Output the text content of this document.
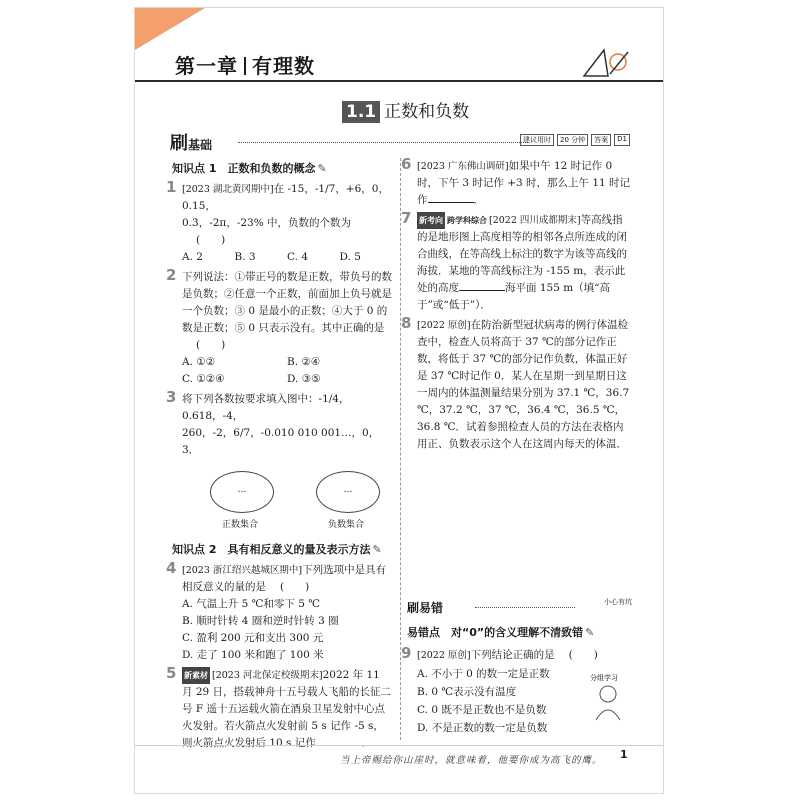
第一章 有理数
1.1 正数和负数
刷基础	建议用时	20 分钟	答案	D1
知识点 1　正数和负数的概念 ✎
1 [2023 湖北黄冈期中]在 -15，-1/7，+6，0，0.15，
0.3̇，-2π，-23% 中，负数的个数为(　　)
A. 2	B. 3	C. 4	D. 5
2 下列说法：①带正号的数是正数，带负号的数是负数；②任意一个正数，前面加上负号就是一个负数；③ 0 是最小的正数；④大于 0 的数是正数；⑤ 0 只表示没有。其中正确的是(　　)
A. ①②	B. ②④
C. ①②④	D. ③⑤
3 将下列各数按要求填入图中：-1/4，0.618，-4，
260，-2，6/7，-0.010 010 001…，0，3̇．
…	…
正数集合	负数集合
知识点 2　具有相反意义的量及表示方法 ✎
4 [2023 浙江绍兴越城区期中]下列选项中是具有相反意义的量的是 (　　)
A. 气温上升 5 ℃和零下 5 ℃
B. 顺时针转 4 圈和逆时针转 3 圈
C. 盈利 200 元和支出 300 元
D. 走了 100 米和跑了 100 米
5 新素材 [2023 河北保定校级期末]2022 年 11 月 29 日，搭载神舟十五号载人飞船的长征二号 F 遥十五运载火箭在酒泉卫星发射中心点火发射。若火箭点火发射前 5 s 记作 -5 s，则火箭点火发射后 10 s 记作	．
6 [2023 广东佛山调研]如果中午 12 时记作 0 时，下午 3 时记作 +3 时，那么上午 11 时记作	．
7 新考向 跨学科综合 [2022 四川成都期末]等高线指的是地形图上高度相等的相邻各点所连成的闭合曲线，在等高线上标注的数字为该等高线的海拔．某地的等高线标注为 -155 m，表示此处的高度	海平面 155 m（填“高于”或“低于”）．
8 [2022 原创]在防治新型冠状病毒的例行体温检查中，检查人员将高于 37 ℃的部分记作正数，将低于 37 ℃的部分记作负数，体温正好是 37 ℃时记作 0．某人在星期一到星期日这一周内的体温测量结果分别为 37.1 ℃，36.7 ℃，37.2 ℃，37 ℃，36.4 ℃，36.5 ℃，36.8 ℃．试着参照检查人员的方法在表格内用正、负数表示这个人在这周内每天的体温．
刷易错	小心有坑
易错点　对“0”的含义理解不清致错 ✎
9 [2022 原创]下列结论正确的是 (　　)
A. 不小于 0 的数一定是正数
B. 0 ℃表示没有温度
C. 0 既不是正数也不是负数
D. 不是正数的数一定是负数
分组学习
当上帝赐给你山崖时，就意味着，他要你成为高飞的鹰。 1
